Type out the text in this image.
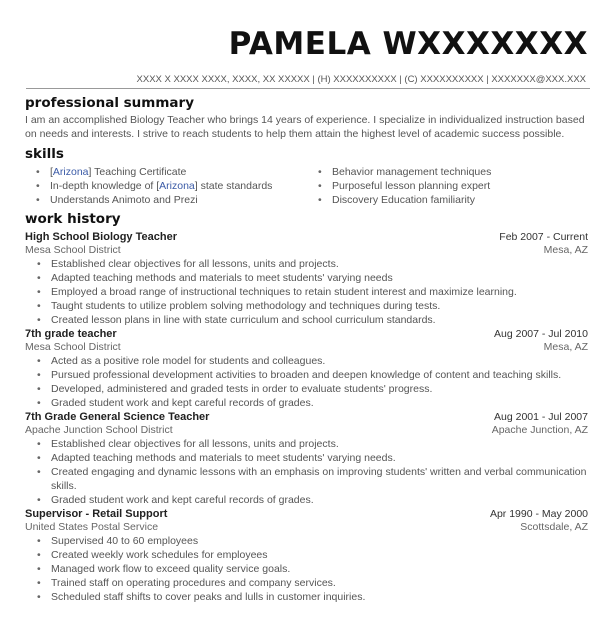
PAMELA WXXXXXXX
XXXX X XXXX XXXX, XXXX, XX XXXXX | (H) XXXXXXXXXX | (C) XXXXXXXXXX | XXXXXXX@XXX.XXX
professional summary
I am an accomplished Biology Teacher who brings 14 years of experience. I specialize in individualized instruction based on needs and interests. I strive to reach students to help them attain the highest level of academic success possible.
skills
• [Arizona] Teaching Certificate
• In-depth knowledge of [Arizona] state standards
• Understands Animoto and Prezi
• Behavior management techniques
• Purposeful lesson planning expert
• Discovery Education familiarity
work history
High School Biology Teacher	Feb 2007 - Current
Mesa School District	Mesa, AZ
• Established clear objectives for all lessons, units and projects.
• Adapted teaching methods and materials to meet students' varying needs
• Employed a broad range of instructional techniques to retain student interest and maximize learning.
• Taught students to utilize problem solving methodology and techniques during tests.
• Created lesson plans in line with state curriculum and school curriculum standards.
7th grade teacher	Aug 2007 - Jul 2010
Mesa School District	Mesa, AZ
• Acted as a positive role model for students and colleagues.
• Pursued professional development activities to broaden and deepen knowledge of content and teaching skills.
• Developed, administered and graded tests in order to evaluate students' progress.
• Graded student work and kept careful records of grades.
7th Grade General Science Teacher	Aug 2001 - Jul 2007
Apache Junction School District	Apache Junction, AZ
• Established clear objectives for all lessons, units and projects.
• Adapted teaching methods and materials to meet students' varying needs.
• Created engaging and dynamic lessons with an emphasis on improving students' written and verbal communication skills.
• Graded student work and kept careful records of grades.
Supervisor - Retail Support	Apr 1990 - May 2000
United States Postal Service	Scottsdale, AZ
• Supervised 40 to 60 employees
• Created weekly work schedules for employees
• Managed work flow to exceed quality service goals.
• Trained staff on operating procedures and company services.
• Scheduled staff shifts to cover peaks and lulls in customer inquiries.
